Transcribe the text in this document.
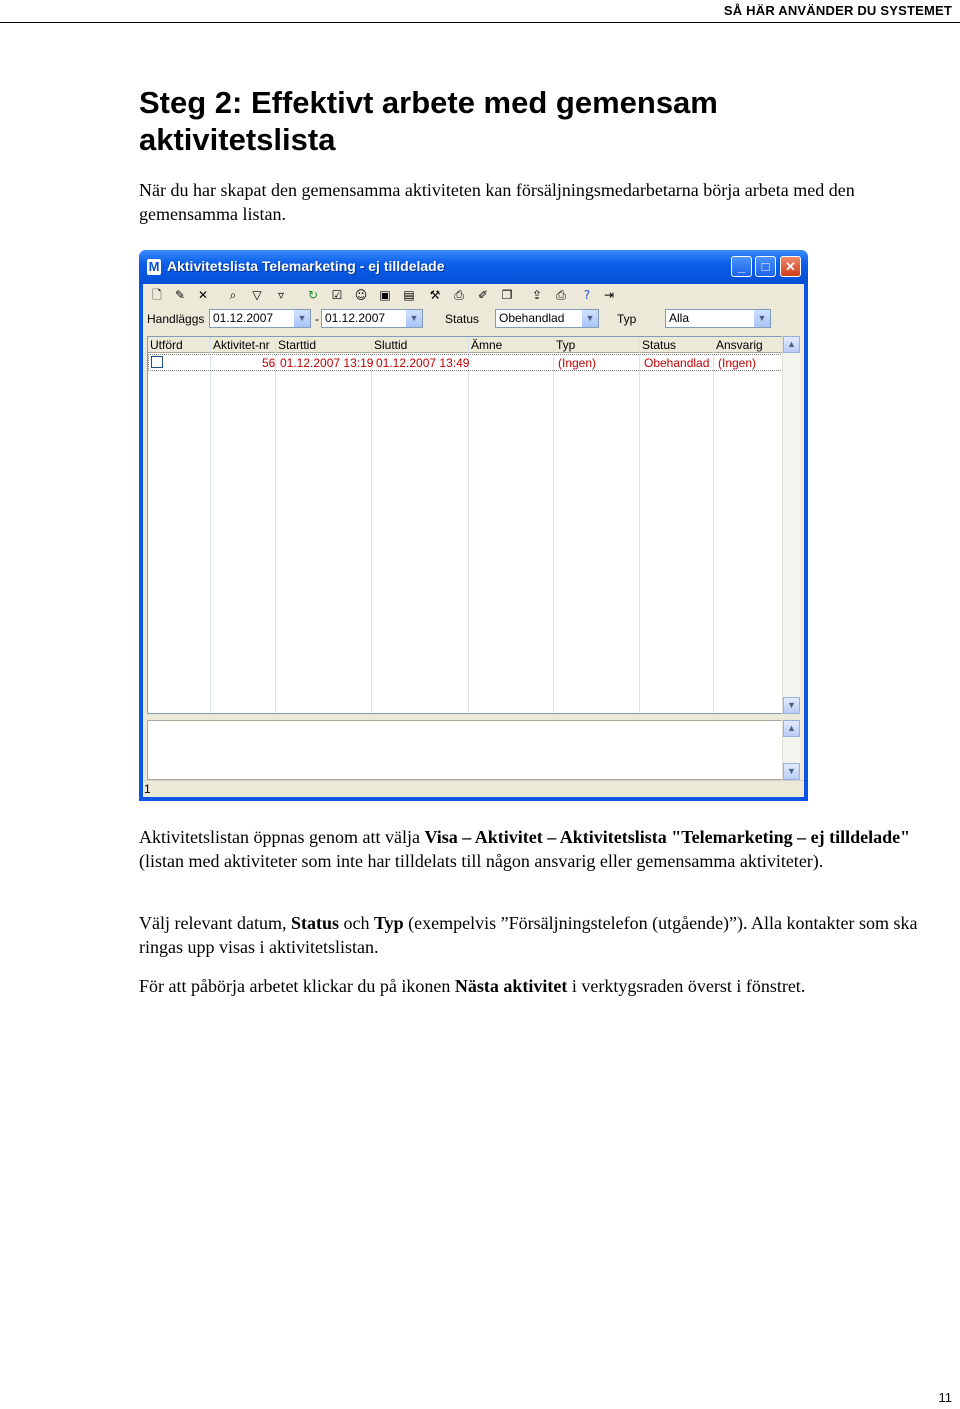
SÅ HÄR ANVÄNDER DU SYSTEMET
Steg 2: Effektivt arbete med gemensam aktivitetslista

När du har skapat den gemensamma aktiviteten kan försäljningsmedarbetarna börja arbeta med den gemensamma listan.

M Aktivitetslista Telemarketing - ej tilldelade	_	□	✕
🗋 ✎ ✕	⌕	▽	▿	↻ ☑ ☺ ▣ ▤ ⚒ ⎙ ✐ ❐ ⇪ ⎙	?	⇥
Handläggs 01.12.2007	▼ - 01.12.2007	▼ Status	Obehandlad	▼ Typ	Alla	▼
Utförd	Aktivitet-nr Starttid	Sluttid	Ämne	Typ	Status	Ansvarig
56 01.12.2007 13:19 01.12.2007 13:49	(Ingen)	Obehandlad (Ingen)
▲
▼
▲
▼
1

Aktivitetslistan öppnas genom att välja Visa – Aktivitet – Aktivitetslista "Telemarketing – ej tilldelade" (listan med aktiviteter som inte har tilldelats till någon ansvarig eller gemensamma aktiviteter).

Välj relevant datum, Status och Typ (exempelvis ”Försäljningstelefon (utgående)”). Alla kontakter som ska ringas upp visas i aktivitetslistan.

För att påbörja arbetet klickar du på ikonen Nästa aktivitet i verktygsraden överst i fönstret.

11
